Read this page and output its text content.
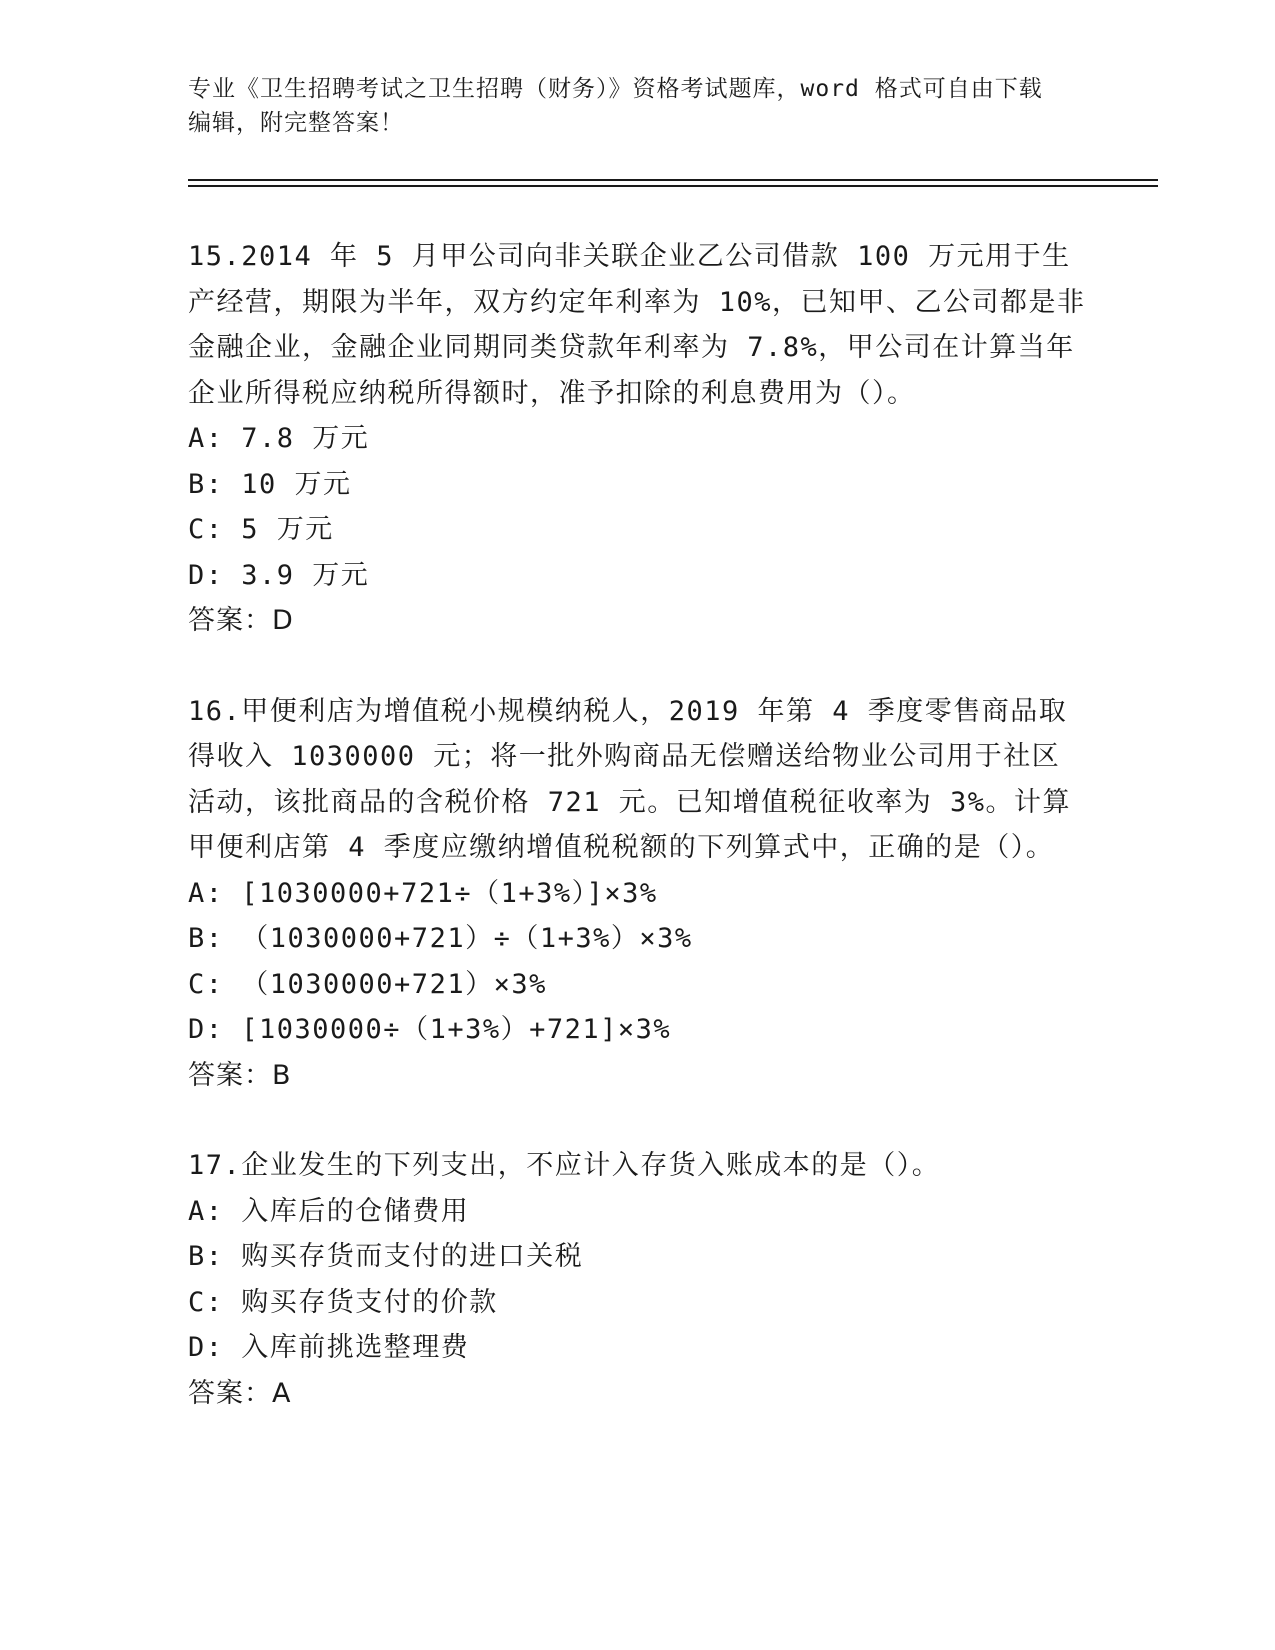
专业《卫生招聘考试之卫生招聘（财务）》资格考试题库，word 格式可自由下载
编辑，附完整答案！
15.2014 年 5 月甲公司向非关联企业乙公司借款 100 万元用于生产经营，期限为半年，双方约定年利率为 10%，已知甲、乙公司都是非金融企业，金融企业同期同类贷款年利率为 7.8%，甲公司在计算当年企业所得税应纳税所得额时，准予扣除的利息费用为（）。
A: 7.8 万元
B: 10 万元
C: 5 万元
D: 3.9 万元
答案：D
16.甲便利店为增值税小规模纳税人，2019 年第 4 季度零售商品取得收入 1030000 元；将一批外购商品无偿赠送给物业公司用于社区活动，该批商品的含税价格 721 元。已知增值税征收率为 3%。计算甲便利店第 4 季度应缴纳增值税税额的下列算式中，正确的是（）。
A: [1030000+721÷（1+3%）]×3%
B: （1030000+721）÷（1+3%）×3%
C: （1030000+721）×3%
D: [1030000÷（1+3%）+721]×3%
答案：B
17.企业发生的下列支出，不应计入存货入账成本的是（）。
A: 入库后的仓储费用
B: 购买存货而支付的进口关税
C: 购买存货支付的价款
D: 入库前挑选整理费
答案：A
